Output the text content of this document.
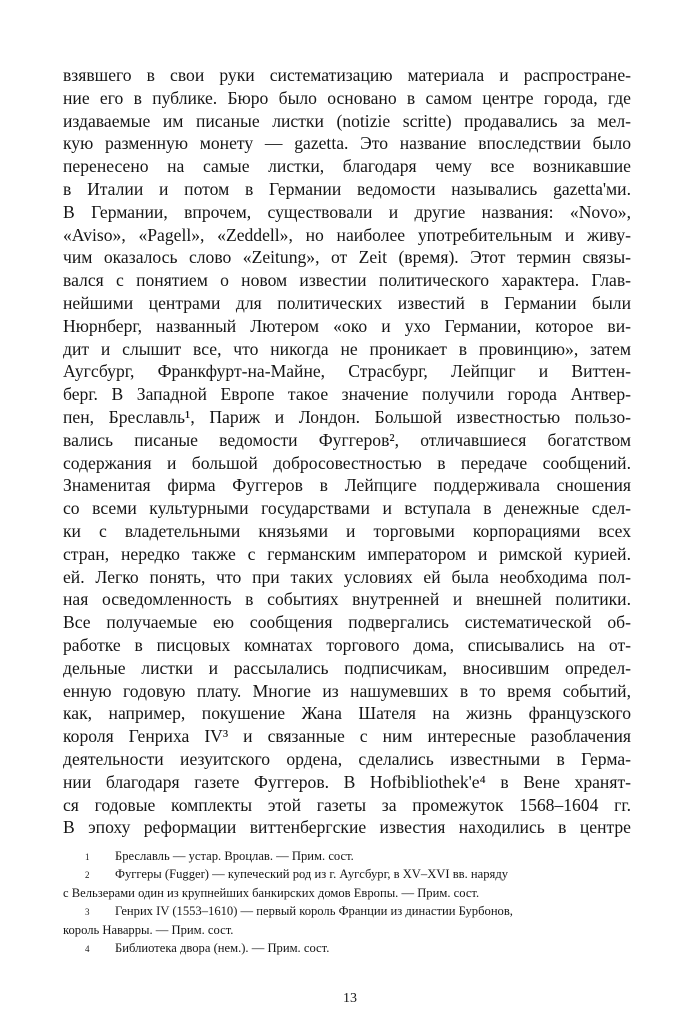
взявшего в свои руки систематизацию материала и распростране-
ние его в публике. Бюро было основано в самом центре города, где
издаваемые им писаные листки (notizie scritte) продавались за мел-
кую разменную монету — gazetta. Это название впоследствии было
перенесено на самые листки, благодаря чему все возникавшие
в Италии и потом в Германии ведомости назывались gazetta'ми.
В Германии, впрочем, существовали и другие названия: «Novo»,
«Aviso», «Pagell», «Zeddell», но наиболее употребительным и живу-
чим оказалось слово «Zeitung», от Zeit (время). Этот термин связы-
вался с понятием о новом известии политического характера. Глав-
нейшими центрами для политических известий в Германии были
Нюрнберг, названный Лютером «око и ухо Германии, которое ви-
дит и слышит все, что никогда не проникает в провинцию», затем
Аугсбург, Франкфурт-на-Майне, Страсбург, Лейпциг и Виттен-
берг. В Западной Европе такое значение получили города Антвер-
пен, Бреславль¹, Париж и Лондон. Большой известностью пользо-
вались писаные ведомости Фуггеров², отличавшиеся богатством
содержания и большой добросовестностью в передаче сообщений.
Знаменитая фирма Фуггеров в Лейпциге поддерживала сношения
со всеми культурными государствами и вступала в денежные сдел-
ки с владетельными князьями и торговыми корпорациями всех
стран, нередко также с германским императором и римской курией.
ей. Легко понять, что при таких условиях ей была необходима пол-
ная осведомленность в событиях внутренней и внешней политики.
Все получаемые ею сообщения подвергались систематической об-
работке в писцовых комнатах торгового дома, списывались на от-
дельные листки и рассылались подписчикам, вносившим определ-
енную годовую плату. Многие из нашумевших в то время событий,
как, например, покушение Жана Шателя на жизнь французского
короля Генриха IV³ и связанные с ним интересные разоблачения
деятельности иезуитского ордена, сделались известными в Герма-
нии благодаря газете Фуггеров. В Hofbibliothek'e⁴ в Вене хранят-
ся годовые комплекты этой газеты за промежуток 1568–1604 гг.
В эпоху реформации виттенбергские известия находились в центре
1 Бреславль — устар. Вроцлав. — Прим. сост.
2 Фуггеры (Fugger) — купеческий род из г. Аугсбург, в XV–XVI вв. наряду
с Вельзерами один из крупнейших банкирских домов Европы. — Прим. сост.
3 Генрих IV (1553–1610) — первый король Франции из династии Бурбонов,
король Наварры. — Прим. сост.
4 Библиотека двора (нем.). — Прим. сост.
13
